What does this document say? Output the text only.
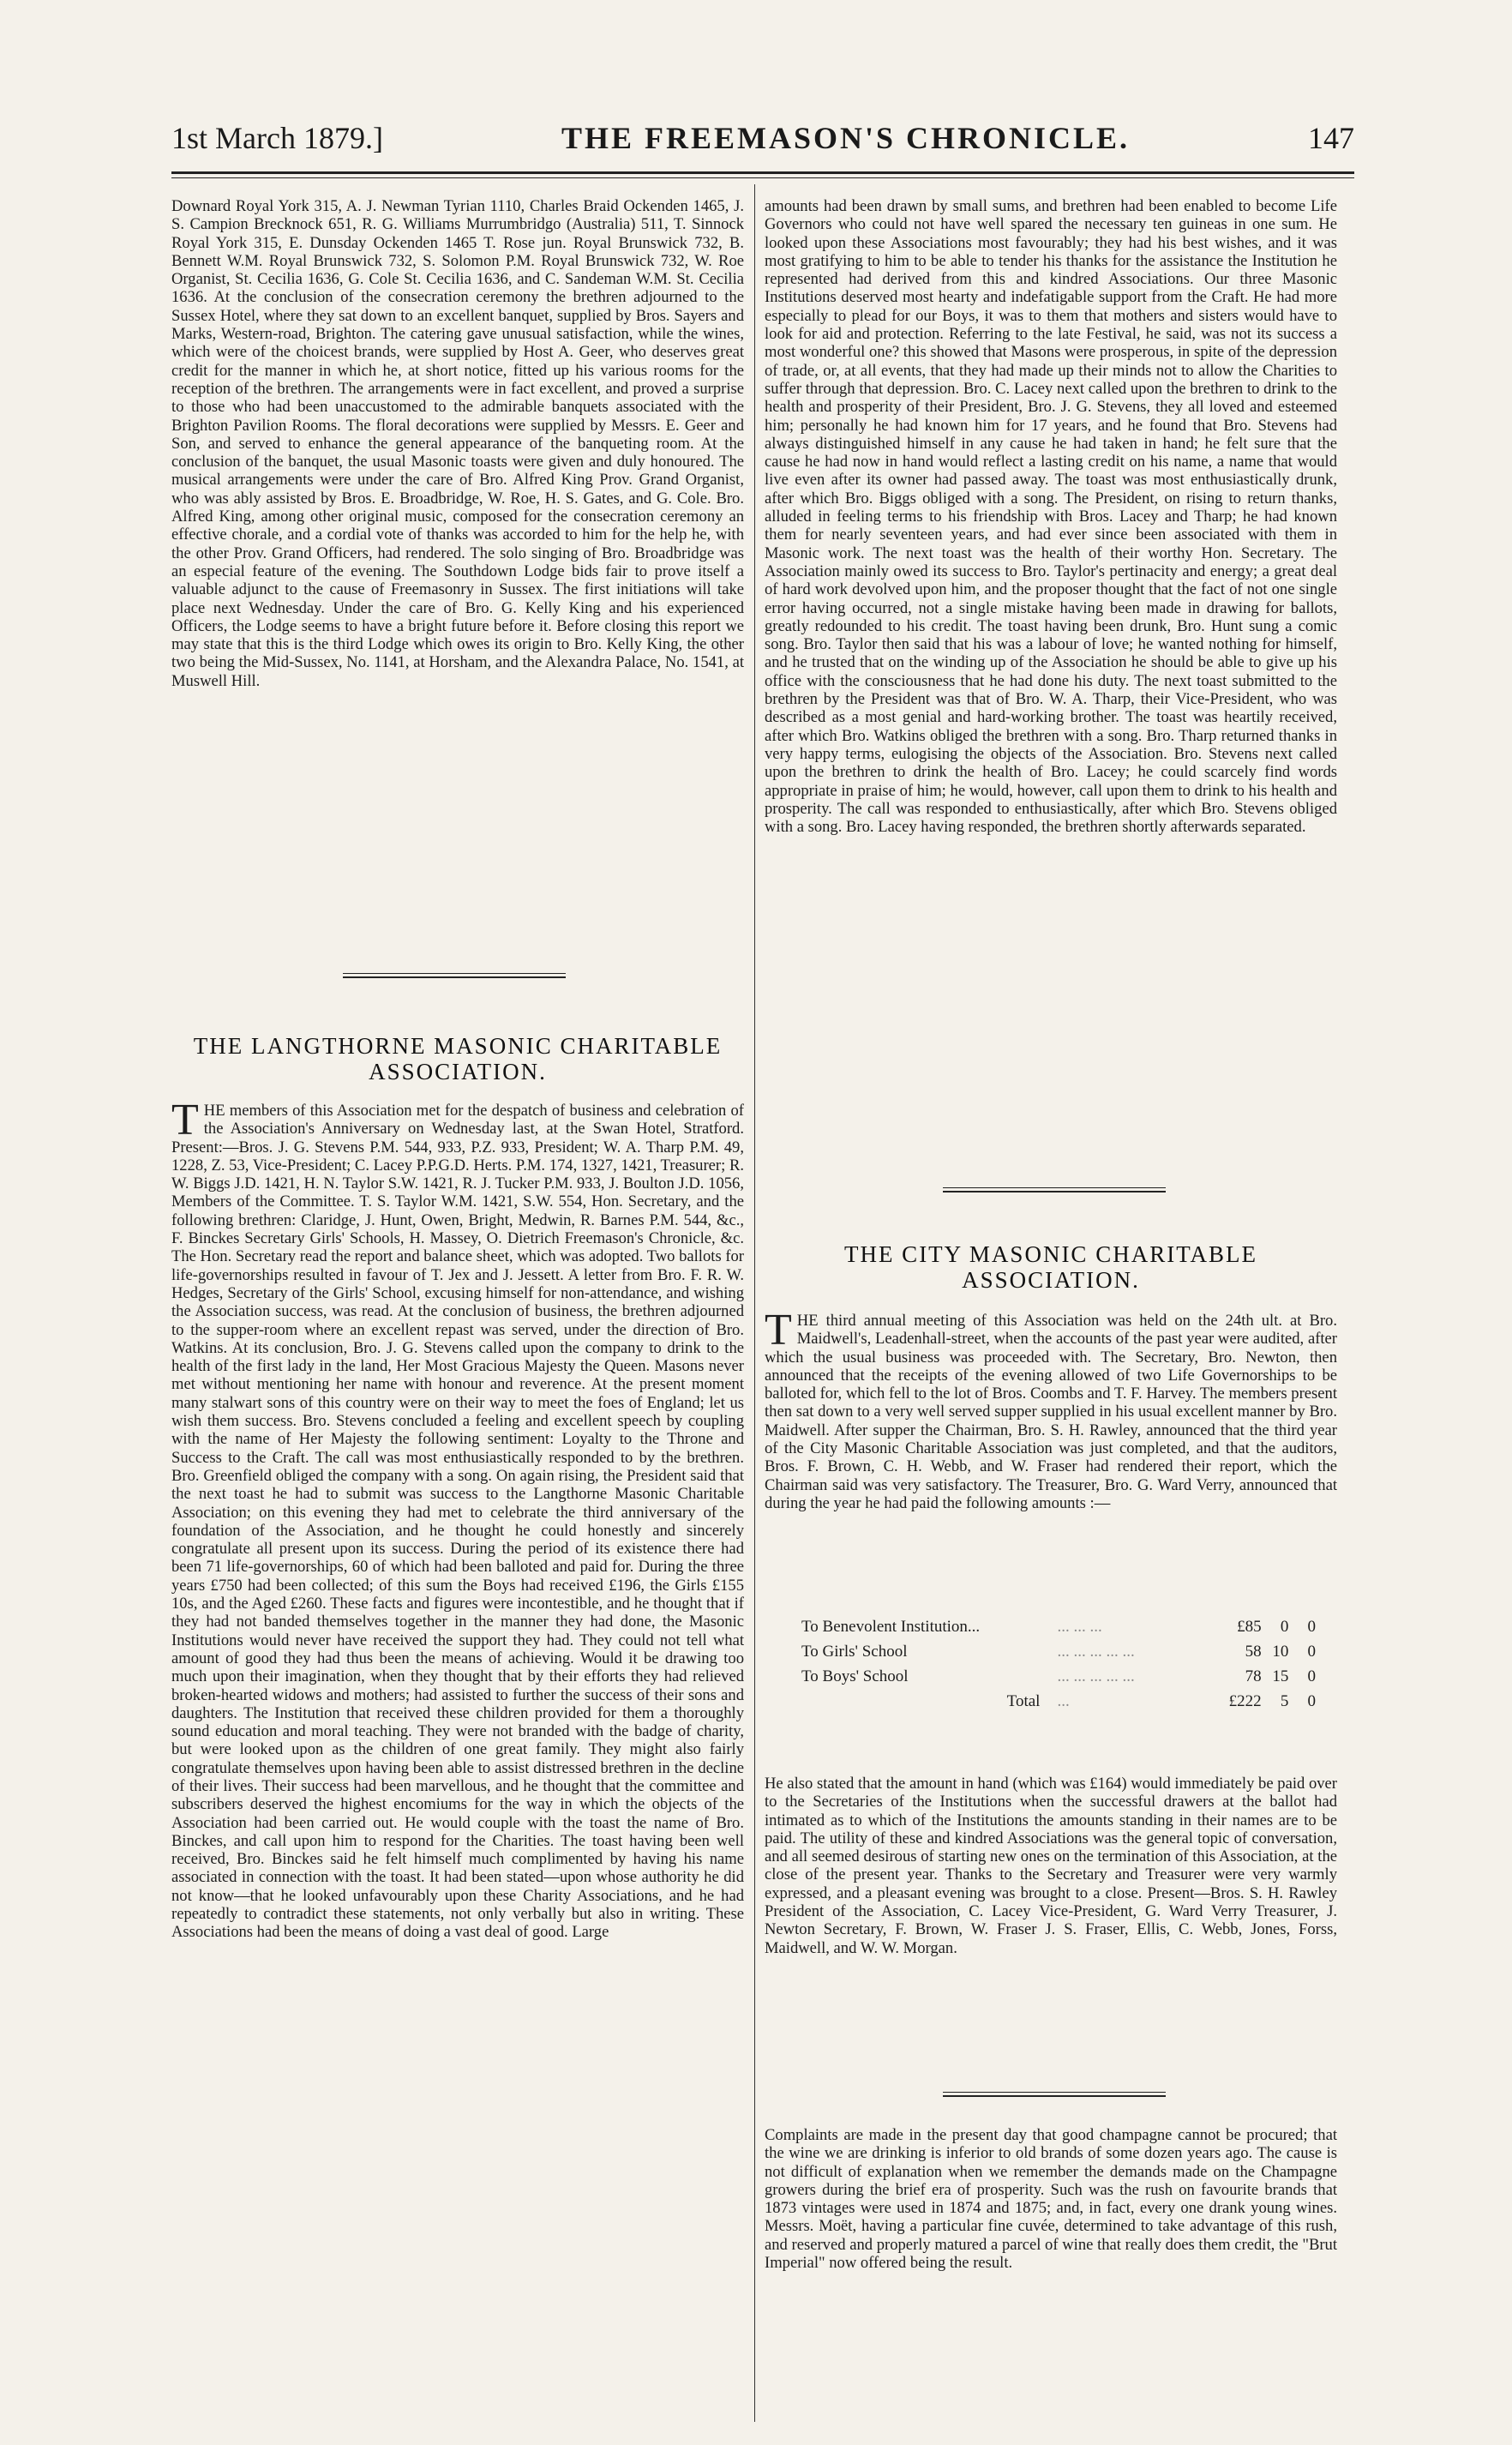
1st March 1879.]	THE FREEMASON'S CHRONICLE.	147

Downard Royal York 315, A. J. Newman Tyrian 1110, Charles Braid Ockenden 1465, J. S. Campion Brecknock 651, R. G. Williams Murrumbridgo (Australia) 511, T. Sinnock Royal York 315, E. Dunsday Ockenden 1465 T. Rose jun. Royal Brunswick 732, B. Bennett W.M. Royal Brunswick 732, S. Solomon P.M. Royal Brunswick 732, W. Roe Organist, St. Cecilia 1636, G. Cole St. Cecilia 1636, and C. Sandeman W.M. St. Cecilia 1636. At the conclusion of the consecration ceremony the brethren adjourned to the Sussex Hotel, where they sat down to an excellent banquet, supplied by Bros. Sayers and Marks, Western-road, Brighton. The catering gave unusual satisfaction, while the wines, which were of the choicest brands, were supplied by Host A. Geer, who deserves great credit for the manner in which he, at short notice, fitted up his various rooms for the reception of the brethren. The arrangements were in fact excellent, and proved a surprise to those who had been unaccustomed to the admirable banquets associated with the Brighton Pavilion Rooms. The floral decorations were supplied by Messrs. E. Geer and Son, and served to enhance the general appearance of the banqueting room. At the conclusion of the banquet, the usual Masonic toasts were given and duly honoured. The musical arrangements were under the care of Bro. Alfred King Prov. Grand Organist, who was ably assisted by Bros. E. Broadbridge, W. Roe, H. S. Gates, and G. Cole. Bro. Alfred King, among other original music, composed for the consecration ceremony an effective chorale, and a cordial vote of thanks was accorded to him for the help he, with the other Prov. Grand Officers, had rendered. The solo singing of Bro. Broadbridge was an especial feature of the evening. The Southdown Lodge bids fair to prove itself a valuable adjunct to the cause of Freemasonry in Sussex. The first initiations will take place next Wednesday. Under the care of Bro. G. Kelly King and his experienced Officers, the Lodge seems to have a bright future before it. Before closing this report we may state that this is the third Lodge which owes its origin to Bro. Kelly King, the other two being the Mid-Sussex, No. 1141, at Horsham, and the Alexandra Palace, No. 1541, at Muswell Hill.

THE LANGTHORNE MASONIC CHARITABLE
ASSOCIATION.

THE members of this Association met for the despatch of business and celebration of the Association's Anniversary on Wednesday last, at the Swan Hotel, Stratford. Present:—Bros. J. G. Stevens P.M. 544, 933, P.Z. 933, President; W. A. Tharp P.M. 49, 1228, Z. 53, Vice-President; C. Lacey P.P.G.D. Herts. P.M. 174, 1327, 1421, Treasurer; R. W. Biggs J.D. 1421, H. N. Taylor S.W. 1421, R. J. Tucker P.M. 933, J. Boulton J.D. 1056, Members of the Committee. T. S. Taylor W.M. 1421, S.W. 554, Hon. Secretary, and the following brethren: Claridge, J. Hunt, Owen, Bright, Medwin, R. Barnes P.M. 544, &c., F. Binckes Secretary Girls' Schools, H. Massey, O. Dietrich Freemason's Chronicle, &c. The Hon. Secretary read the report and balance sheet, which was adopted. Two ballots for life-governorships resulted in favour of T. Jex and J. Jessett. A letter from Bro. F. R. W. Hedges, Secretary of the Girls' School, excusing himself for non-attendance, and wishing the Association success, was read. At the conclusion of business, the brethren adjourned to the supper-room where an excellent repast was served, under the direction of Bro. Watkins. At its conclusion, Bro. J. G. Stevens called upon the company to drink to the health of the first lady in the land, Her Most Gracious Majesty the Queen. Masons never met without mentioning her name with honour and reverence. At the present moment many stalwart sons of this country were on their way to meet the foes of England; let us wish them success. Bro. Stevens concluded a feeling and excellent speech by coupling with the name of Her Majesty the following sentiment: Loyalty to the Throne and Success to the Craft. The call was most enthusiastically responded to by the brethren. Bro. Greenfield obliged the company with a song. On again rising, the President said that the next toast he had to submit was success to the Langthorne Masonic Charitable Association; on this evening they had met to celebrate the third anniversary of the foundation of the Association, and he thought he could honestly and sincerely congratulate all present upon its success. During the period of its existence there had been 71 life-governorships, 60 of which had been balloted and paid for. During the three years £750 had been collected; of this sum the Boys had received £196, the Girls £155 10s, and the Aged £260. These facts and figures were incontestible, and he thought that if they had not banded themselves together in the manner they had done, the Masonic Institutions would never have received the support they had. They could not tell what amount of good they had thus been the means of achieving. Would it be drawing too much upon their imagination, when they thought that by their efforts they had relieved broken-hearted widows and mothers; had assisted to further the success of their sons and daughters. The Institution that received these children provided for them a thoroughly sound education and moral teaching. They were not branded with the badge of charity, but were looked upon as the children of one great family. They might also fairly congratulate themselves upon having been able to assist distressed brethren in the decline of their lives. Their success had been marvellous, and he thought that the committee and subscribers deserved the highest encomiums for the way in which the objects of the Association had been carried out. He would couple with the toast the name of Bro. Binckes, and call upon him to respond for the Charities. The toast having been well received, Bro. Binckes said he felt himself much complimented by having his name associated in connection with the toast. It had been stated—upon whose authority he did not know—that he looked unfavourably upon these Charity Associations, and he had repeatedly to contradict these statements, not only verbally but also in writing. These Associations had been the means of doing a vast deal of good. Large

amounts had been drawn by small sums, and brethren had been enabled to become Life Governors who could not have well spared the necessary ten guineas in one sum. He looked upon these Associations most favourably; they had his best wishes, and it was most gratifying to him to be able to tender his thanks for the assistance the Institution he represented had derived from this and kindred Associations. Our three Masonic Institutions deserved most hearty and indefatigable support from the Craft. He had more especially to plead for our Boys, it was to them that mothers and sisters would have to look for aid and protection. Referring to the late Festival, he said, was not its success a most wonderful one? this showed that Masons were prosperous, in spite of the depression of trade, or, at all events, that they had made up their minds not to allow the Charities to suffer through that depression. Bro. C. Lacey next called upon the brethren to drink to the health and prosperity of their President, Bro. J. G. Stevens, they all loved and esteemed him; personally he had known him for 17 years, and he found that Bro. Stevens had always distinguished himself in any cause he had taken in hand; he felt sure that the cause he had now in hand would reflect a lasting credit on his name, a name that would live even after its owner had passed away. The toast was most enthusiastically drunk, after which Bro. Biggs obliged with a song. The President, on rising to return thanks, alluded in feeling terms to his friendship with Bros. Lacey and Tharp; he had known them for nearly seventeen years, and had ever since been associated with them in Masonic work. The next toast was the health of their worthy Hon. Secretary. The Association mainly owed its success to Bro. Taylor's pertinacity and energy; a great deal of hard work devolved upon him, and the proposer thought that the fact of not one single error having occurred, not a single mistake having been made in drawing for ballots, greatly redounded to his credit. The toast having been drunk, Bro. Hunt sung a comic song. Bro. Taylor then said that his was a labour of love; he wanted nothing for himself, and he trusted that on the winding up of the Association he should be able to give up his office with the consciousness that he had done his duty. The next toast submitted to the brethren by the President was that of Bro. W. A. Tharp, their Vice-President, who was described as a most genial and hard-working brother. The toast was heartily received, after which Bro. Watkins obliged the brethren with a song. Bro. Tharp returned thanks in very happy terms, eulogising the objects of the Association. Bro. Stevens next called upon the brethren to drink the health of Bro. Lacey; he could scarcely find words appropriate in praise of him; he would, however, call upon them to drink to his health and prosperity. The call was responded to enthusiastically, after which Bro. Stevens obliged with a song. Bro. Lacey having responded, the brethren shortly afterwards separated.

THE CITY MASONIC CHARITABLE
ASSOCIATION.

THE third annual meeting of this Association was held on the 24th ult. at Bro. Maidwell's, Leadenhall-street, when the accounts of the past year were audited, after which the usual business was proceeded with. The Secretary, Bro. Newton, then announced that the receipts of the evening allowed of two Life Governorships to be balloted for, which fell to the lot of Bros. Coombs and T. F. Harvey. The members present then sat down to a very well served supper supplied in his usual excellent manner by Bro. Maidwell. After supper the Chairman, Bro. S. H. Rawley, announced that the third year of the City Masonic Charitable Association was just completed, and that the auditors, Bros. F. Brown, C. H. Webb, and W. Fraser had rendered their report, which the Chairman said was very satisfactory. The Treasurer, Bro. G. Ward Verry, announced that during the year he had paid the following amounts :—

To Benevolent Institution...	... ... ...	£85	0	0
To Girls' School	... ... ... ... ...	58	10	0
To Boys' School	... ... ... ... ...	78	15	0
Total	...	£222	5	0

He also stated that the amount in hand (which was £164) would immediately be paid over to the Secretaries of the Institutions when the successful drawers at the ballot had intimated as to which of the Institutions the amounts standing in their names are to be paid. The utility of these and kindred Associations was the general topic of conversation, and all seemed desirous of starting new ones on the termination of this Association, at the close of the present year. Thanks to the Secretary and Treasurer were very warmly expressed, and a pleasant evening was brought to a close. Present—Bros. S. H. Rawley President of the Association, C. Lacey Vice-President, G. Ward Verry Treasurer, J. Newton Secretary, F. Brown, W. Fraser J. S. Fraser, Ellis, C. Webb, Jones, Forss, Maidwell, and W. W. Morgan.

Complaints are made in the present day that good champagne cannot be procured; that the wine we are drinking is inferior to old brands of some dozen years ago. The cause is not difficult of explanation when we remember the demands made on the Champagne growers during the brief era of prosperity. Such was the rush on favourite brands that 1873 vintages were used in 1874 and 1875; and, in fact, every one drank young wines. Messrs. Moët, having a particular fine cuvée, determined to take advantage of this rush, and reserved and properly matured a parcel of wine that really does them credit, the "Brut Imperial" now offered being the result.
